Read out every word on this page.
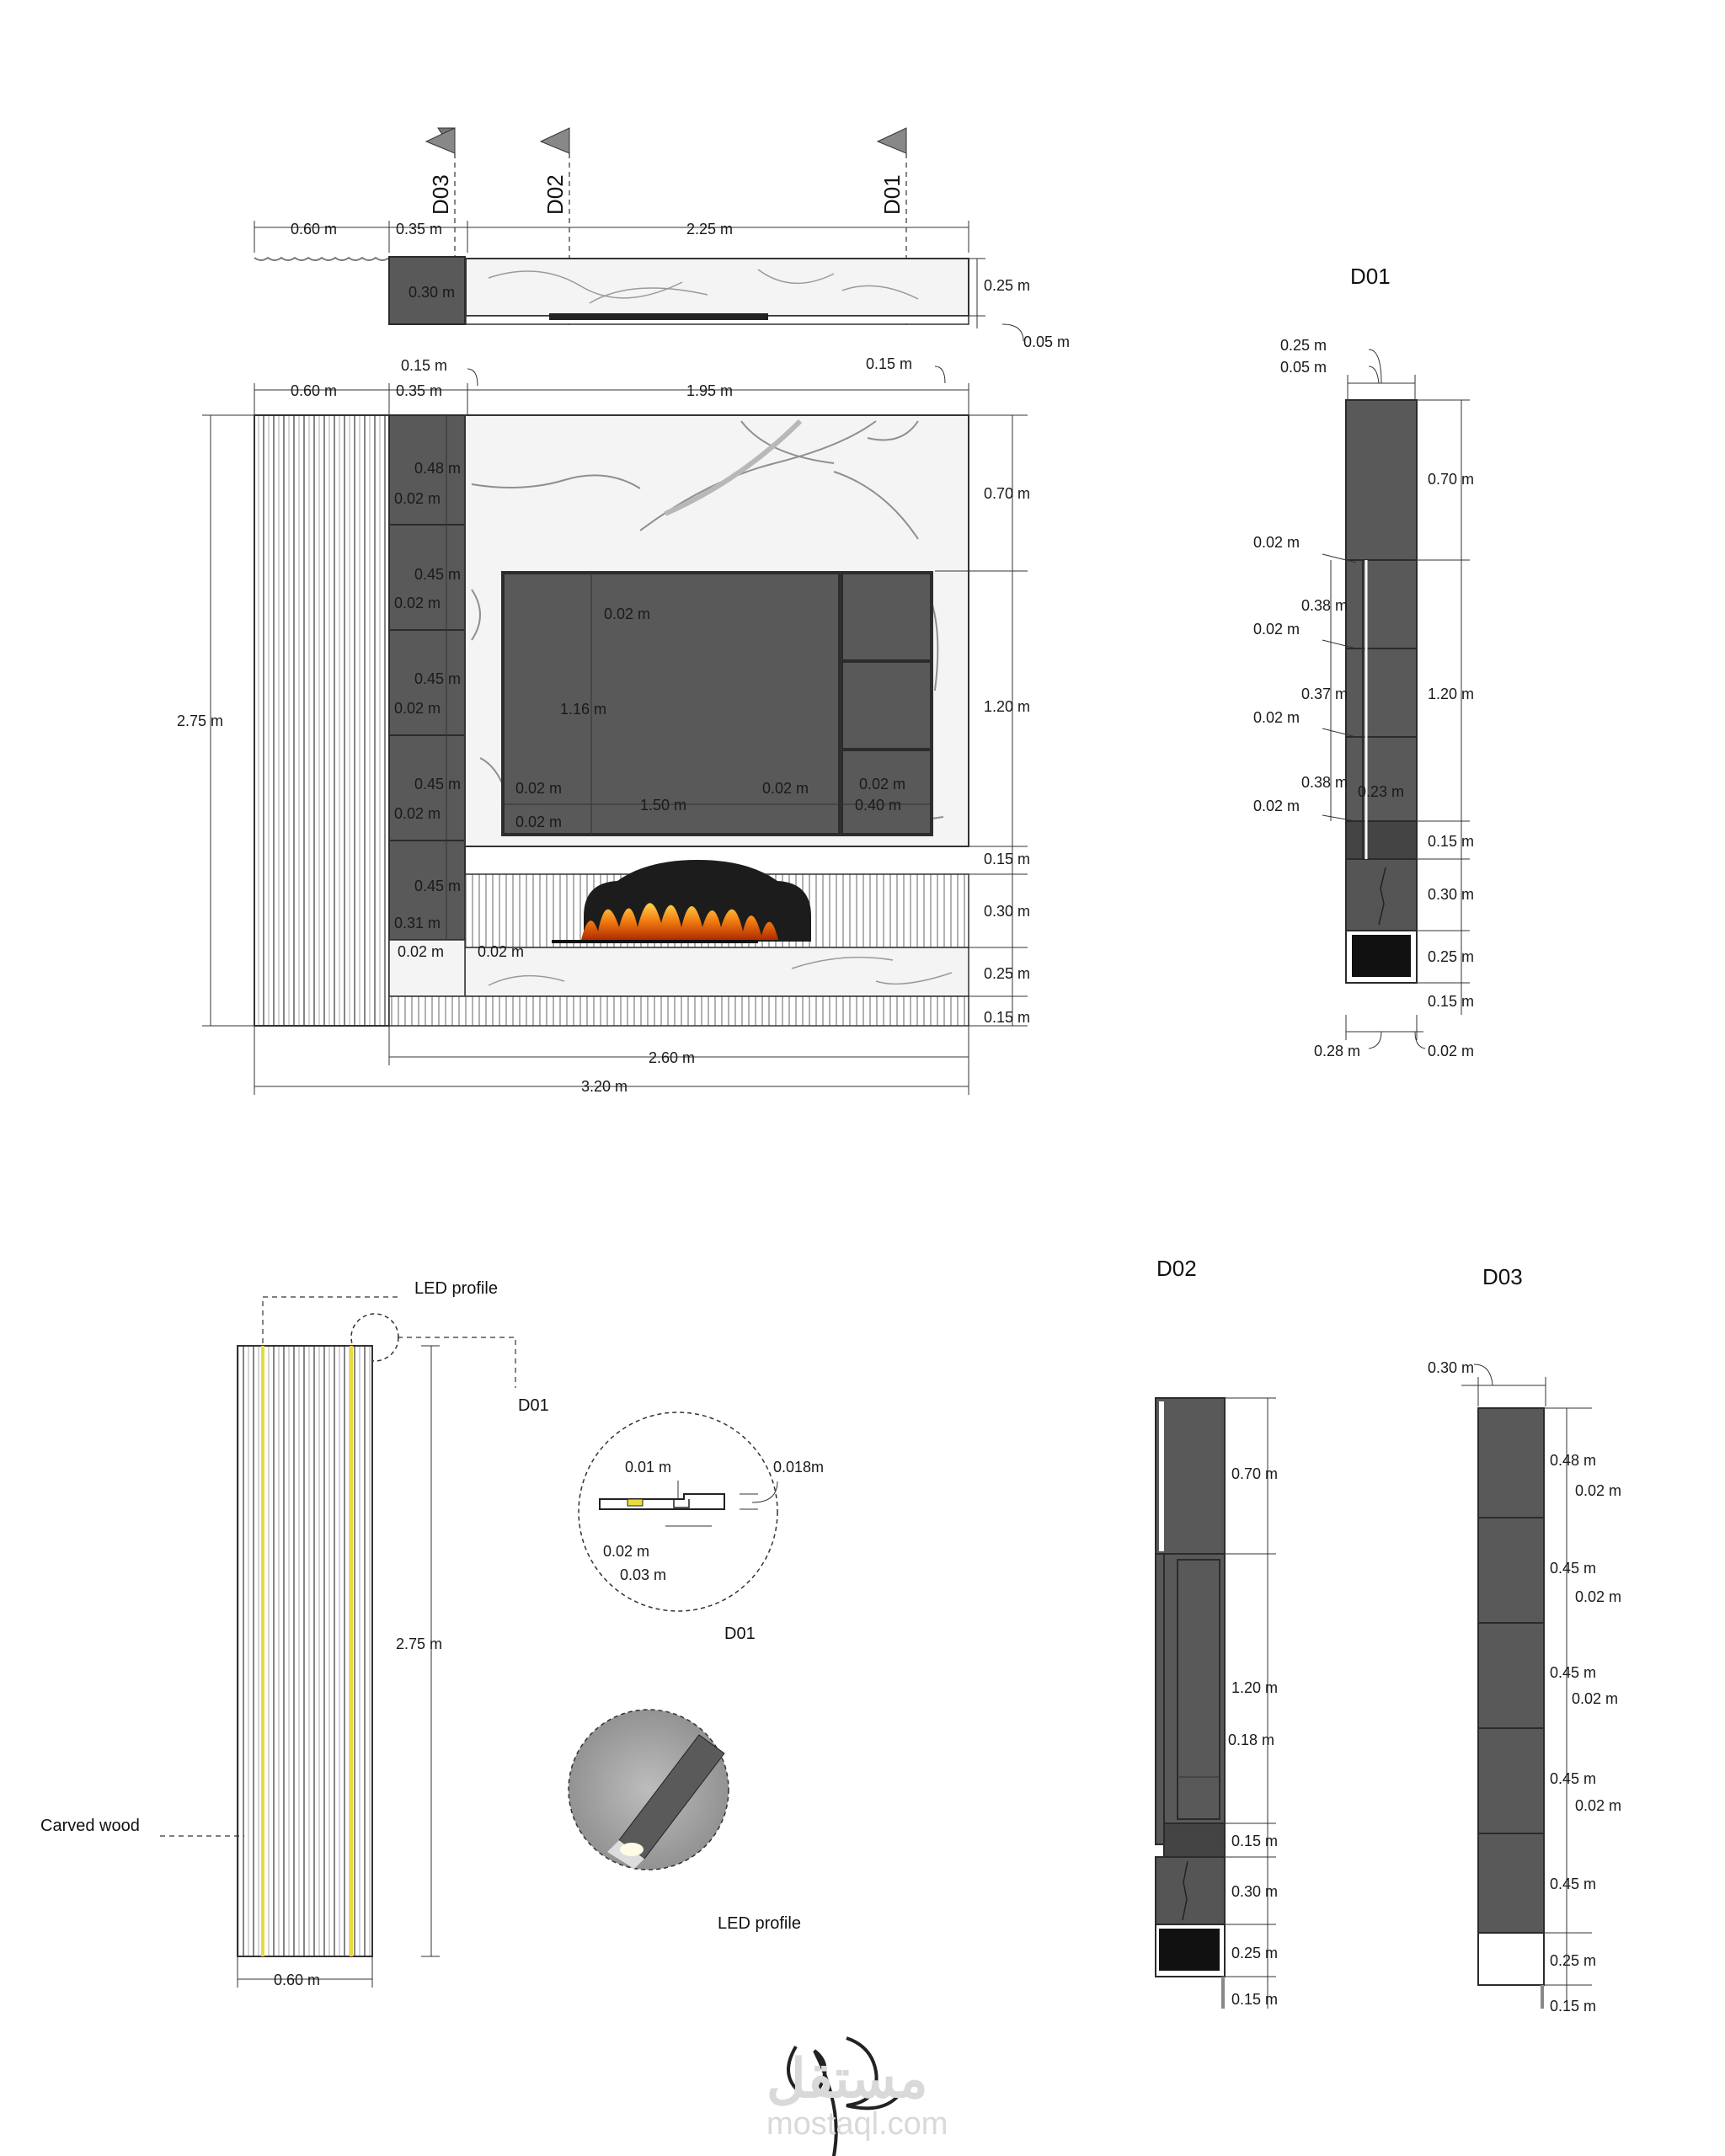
D03	D02	D01
0.60 m	0.35 m	2.25 m
0.30 m	0.25 m
0.05 m
0.60 m	0.35 m	1.95 m
0.15 m	0.15 m
2.75 m
0.02 m
1.16 m
0.02 m
1.50 m
0.02 m
0.02 m
0.02 m
0.40 m
0.48 m
0.02 m
0.45 m
0.02 m
0.45 m
0.02 m
0.45 m
0.02 m
0.45 m
0.31 m
0.02 m 0.02 m
0.70 m
1.20 m
0.15 m
0.30 m
0.25 m
0.15 m
2.60 m
3.20 m
D01
0.25 m
0.05 m
0.02 m
0.38 m
0.02 m
0.37 m
0.02 m
0.38 m
0.02 m
0.23 m
0.70 m
1.20 m
0.15 m
0.30 m
0.25 m
0.15 m
0.28 m	0.02 m
LED profile
D01
2.75 m
0.60 m
Carved wood
0.01 m	0.018m
0.02 m
0.03 m
D01
LED profile
D02
0.70 m
1.20 m
0.18 m
0.15 m
0.30 m
0.25 m
0.15 m
D03
0.30 m
0.48 m
0.02 m
0.45 m
0.02 m
0.45 m
0.02 m
0.45 m
0.02 m
0.45 m
0.25 m
0.15 m
مستقل
mostaql.com
